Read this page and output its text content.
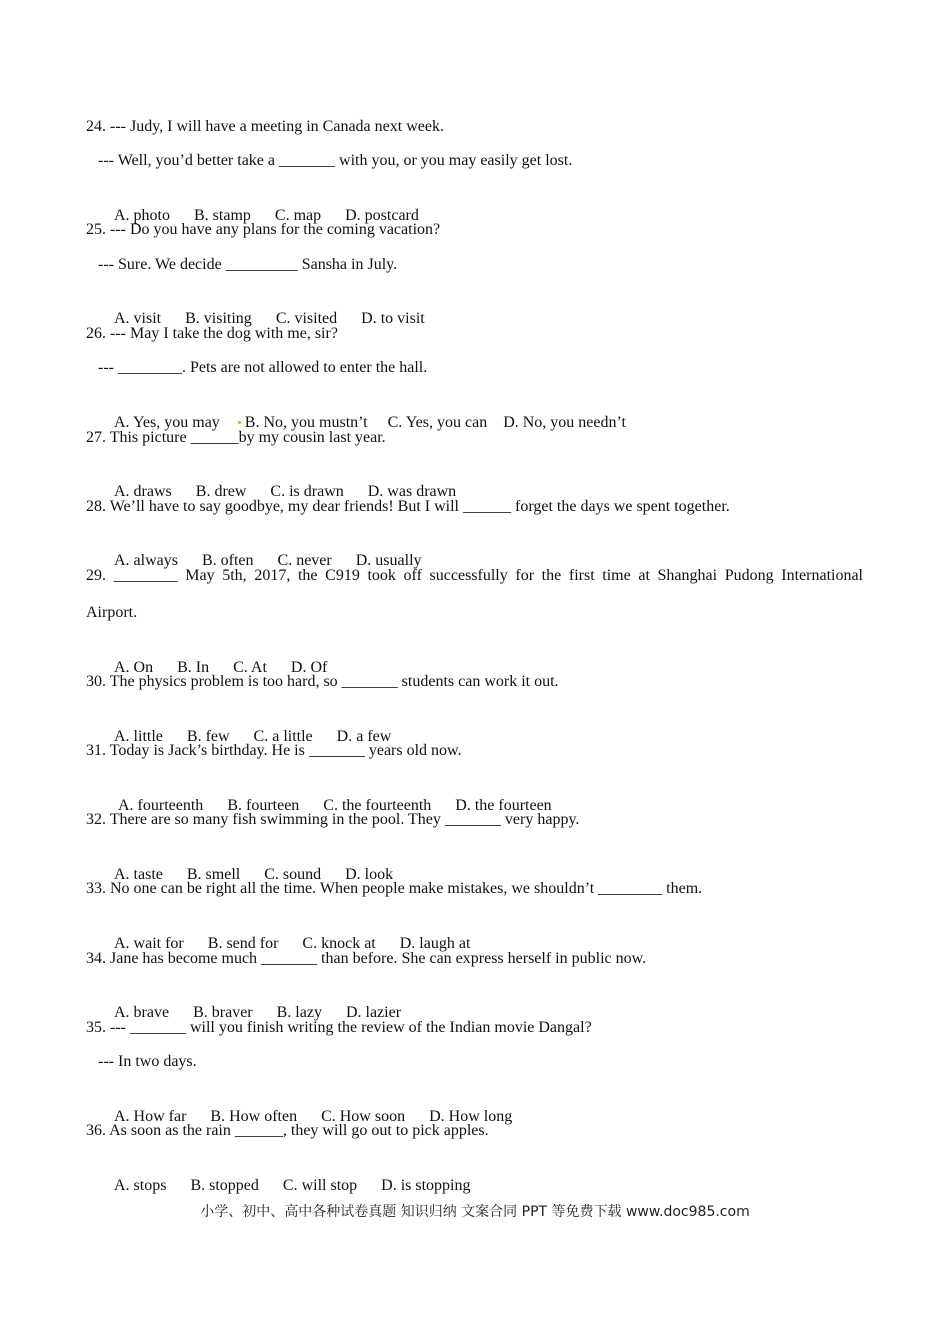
24. --- Judy, I will have a meeting in Canada next week.
--- Well, you’d better take a _______ with you, or you may easily get lost.

A. photo B. stamp C. map D. postcard

25. --- Do you have any plans for the coming vacation?
--- Sure. We decide _________ Sansha in July.

A. visit B. visiting C. visited D. to visit

26. --- May I take the dog with me, sir?
--- ________. Pets are not allowed to enter the hall.

A. Yes, you may B. No, you mustn’t C. Yes, you can D. No, you needn’t

27. This picture ______by my cousin last year.

A. draws B. drew C. is drawn D. was drawn

28. We’ll have to say goodbye, my dear friends! But I will ______ forget the days we spent together.

A. always B. often C. never D. usually

29. ________ May 5th, 2017, the C919 took off successfully for the first time at Shanghai Pudong International
Airport.

A. On B. In C. At D. Of

30. The physics problem is too hard, so _______ students can work it out.

A. little B. few C. a little D. a few

31. Today is Jack’s birthday. He is _______ years old now.

A. fourteenth B. fourteen C. the fourteenth D. the fourteen

32. There are so many fish swimming in the pool. They _______ very happy.

A. taste B. smell C. sound D. look

33. No one can be right all the time. When people make mistakes, we shouldn’t ________ them.

A. wait for B. send for C. knock at D. laugh at

34. Jane has become much _______ than before. She can express herself in public now.

A. brave B. braver B. lazy D. lazier

35. --- _______ will you finish writing the review of the Indian movie Dangal?
--- In two days.

A. How far B. How often C. How soon D. How long

36. As soon as the rain ______, they will go out to pick apples.

A. stops B. stopped C. will stop D. is stopping

小学、初中、高中各种试卷真题 知识归纳 文案合同 PPT 等免费下载 www.doc985.com
